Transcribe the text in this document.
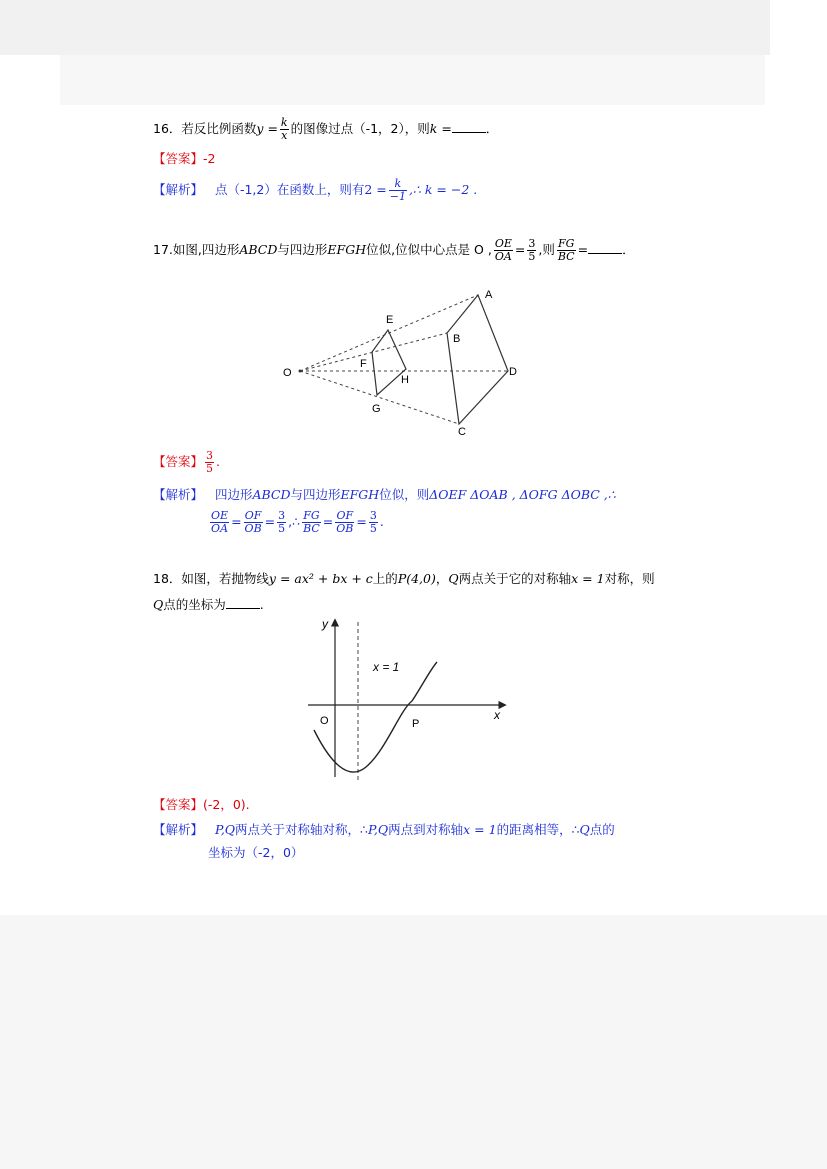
16．若反比例函数$y = \frac{k}{x}$ 的图像过点（-1，2），则k =	．
【答案】-2
【解析】 点（-1,2）在函数上，则有$2 = \frac{k}{-1}$ ,∴ k = −2 .
17.如图,四边形ABCD与四边形EFGH位似,位似中心点是 O , $\frac{OE}{OA} = \frac{3}{5}$ ,则 $\frac{FG}{BC}$ =	．
A
B
C
D
E
F
G
H
O
【答案】 $\frac{3}{5}$ .
【解析】 四边形ABCD与四边形EFGH位似，则ΔOEF ΔOAB , ΔOFG ΔOBC ,∴
$\frac{OE}{OA} = \frac{OF}{OB} = \frac{3}{5}$ ,∴ $\frac{FG}{BC} = \frac{OF}{OB} = \frac{3}{5}$ .
18．如图，若抛物线y = ax² + bx + c上的P(4,0)，Q两点关于它的对称轴x = 1对称，则
Q点的坐标为	.
y
x
x = 1
O	P
【答案】(-2，0).
【解析】 P,Q两点关于对称轴对称，∴P,Q两点到对称轴x = 1的距离相等，∴Q点的
坐标为（-2，0）
